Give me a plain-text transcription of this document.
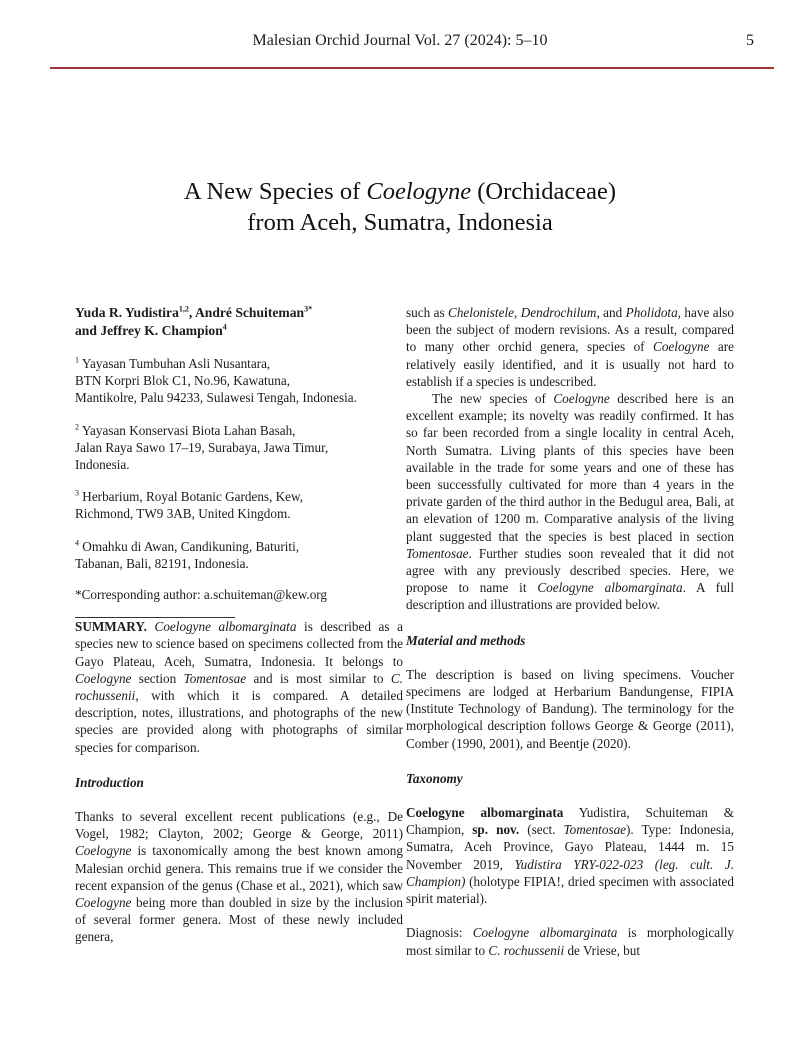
Malesian Orchid Journal Vol. 27 (2024): 5–10	5
A New Species of Coelogyne (Orchidaceae)
from Aceh, Sumatra, Indonesia
Yuda R. Yudistira$^{1,2}$, André Schuiteman$^{3*}$
and Jeffrey K. Champion$^4$

$^1$ Yayasan Tumbuhan Asli Nusantara,

BTN Korpri Blok C1, No.96, Kawatuna,

Mantikolre, Palu 94233, Sulawesi Tengah, Indonesia.

$^2$ Yayasan Konservasi Biota Lahan Basah,

Jalan Raya Sawo 17–19, Surabaya, Jawa Timur,

Indonesia.

$^3$ Herbarium, Royal Botanic Gardens, Kew,

Richmond, TW9 3AB, United Kingdom.

$^4$ Omahku di Awan, Candikuning, Baturiti,

Tabanan, Bali, 82191, Indonesia.

*Corresponding author: a.schuiteman@kew.org

SUMMARY. Coelogyne albomarginata is described as a species new to science based on specimens collected from the Gayo Plateau, Aceh, Sumatra, Indonesia. It belongs to Coelogyne section Tomentosae and is most similar to C. rochussenii, with which it is compared. A detailed description, notes, illustrations, and photographs of the new species are provided along with photographs of similar species for comparison.

Introduction

Thanks to several excellent recent publications (e.g., De Vogel, 1982; Clayton, 2002; George & George, 2011) Coelogyne is taxonomically among the best known among Malesian orchid genera. This remains true if we consider the recent expansion of the genus (Chase et al., 2021), which saw Coelogyne being more than doubled in size by the inclusion of several former genera. Most of these newly included genera,

such as Chelonistele, Dendrochilum, and Pholidota, have also been the subject of modern revisions. As a result, compared to many other orchid genera, species of Coelogyne are relatively easily identified, and it is usually not hard to establish if a species is undescribed.

The new species of Coelogyne described here is an excellent example; its novelty was readily confirmed. It has so far been recorded from a single locality in central Aceh, North Sumatra. Living plants of this species have been available in the trade for some years and one of these has been successfully cultivated for more than 4 years in the private garden of the third author in the Bedugul area, Bali, at an elevation of 1200 m. Comparative analysis of the living plant suggested that the species is best placed in section Tomentosae. Further studies soon revealed that it did not agree with any previously described species. Here, we propose to name it Coelogyne albomarginata. A full description and illustrations are provided below.

Material and methods

The description is based on living specimens. Voucher specimens are lodged at Herbarium Bandungense, FIPIA (Institute Technology of Bandung). The terminology for the morphological description follows George & George (2011), Comber (1990, 2001), and Beentje (2020).

Taxonomy

Coelogyne albomarginata Yudistira, Schuiteman & Champion, sp. nov. (sect. Tomentosae). Type: Indonesia, Sumatra, Aceh Province, Gayo Plateau, 1444 m. 15 November 2019, Yudistira YRY-022-023 (leg. cult. J. Champion) (holotype FIPIA!, dried specimen with associated spirit material).

Diagnosis: Coelogyne albomarginata is morphologically most similar to C. rochussenii de Vriese, but
